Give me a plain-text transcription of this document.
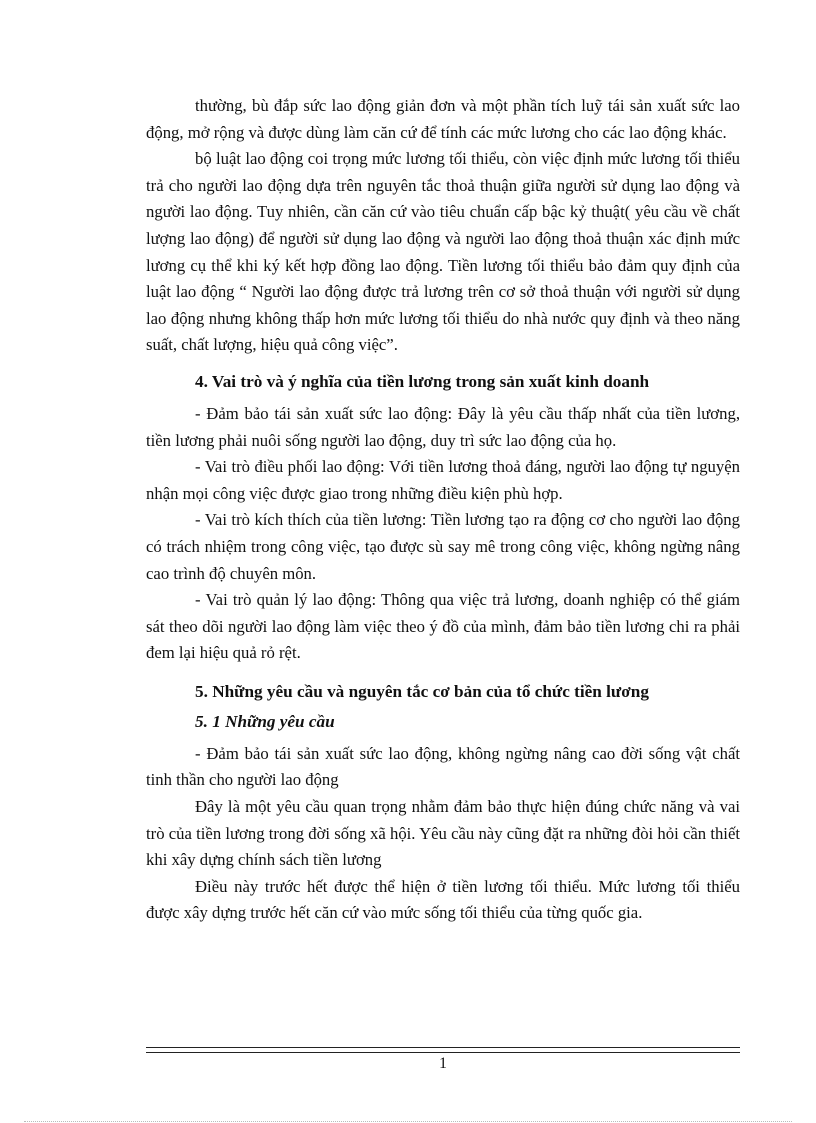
thường, bù đắp sức lao động giản đơn và một phần tích luỹ tái sản xuất sức lao động, mở rộng và được dùng làm căn cứ để tính các mức lương cho các lao động khác.

bộ luật lao động coi trọng mức lương tối thiểu, còn việc định mức lương tối thiểu trả cho người lao động dựa trên nguyên tắc thoả thuận giữa người sử dụng lao động và người lao động. Tuy nhiên, cần căn cứ vào tiêu chuẩn cấp bậc kỷ thuật( yêu cầu về chất lượng lao động) để người sử dụng lao động và người lao động thoả thuận xác định mức lương cụ thể khi ký kết hợp đồng lao động. Tiền lương tối thiểu bảo đảm quy định của luật lao động “ Người lao động được trả lương trên cơ sở thoả thuận với người sử dụng lao động nhưng không thấp hơn mức lương tối thiểu do nhà nước quy định và theo năng suất, chất lượng, hiệu quả công việc”.

4. Vai trò và ý nghĩa của tiền lương trong sản xuất kinh doanh

- Đảm bảo tái sản xuất sức lao động: Đây là yêu cầu thấp nhất của tiền lương, tiền lương phải nuôi sống người lao động, duy trì sức lao động của họ.

- Vai trò điều phối lao động: Với tiền lương thoả đáng, người lao động tự nguyện nhận mọi công việc được giao trong những điều kiện phù hợp.

- Vai trò kích thích của tiền lương: Tiền lương tạo ra động cơ cho người lao động có trách nhiệm trong công việc, tạo được sù say mê trong công việc, không ngừng nâng cao trình độ chuyên môn.

- Vai trò quản lý lao động: Thông qua việc trả lương, doanh nghiệp có thể giám sát theo dõi người lao động làm việc theo ý đồ của mình, đảm bảo tiền lương chi ra phải đem lại hiệu quả rỏ rệt.

5. Những yêu cầu và nguyên tắc cơ bản của tổ chức tiền lương
5. 1 Những yêu cầu

- Đảm bảo tái sản xuất sức lao động, không ngừng nâng cao đời sống vật chất tinh thần cho người lao động

Đây là một yêu cầu quan trọng nhằm đảm bảo thực hiện đúng chức năng và vai trò của tiền lương trong đời sống xã hội. Yêu cầu này cũng đặt ra những đòi hỏi cần thiết khi xây dựng chính sách tiền lương

Điều này trước hết được thể hiện ở tiền lương tối thiểu. Mức lương tối thiểu được xây dựng trước hết căn cứ vào mức sống tối thiểu của từng quốc gia.

1
